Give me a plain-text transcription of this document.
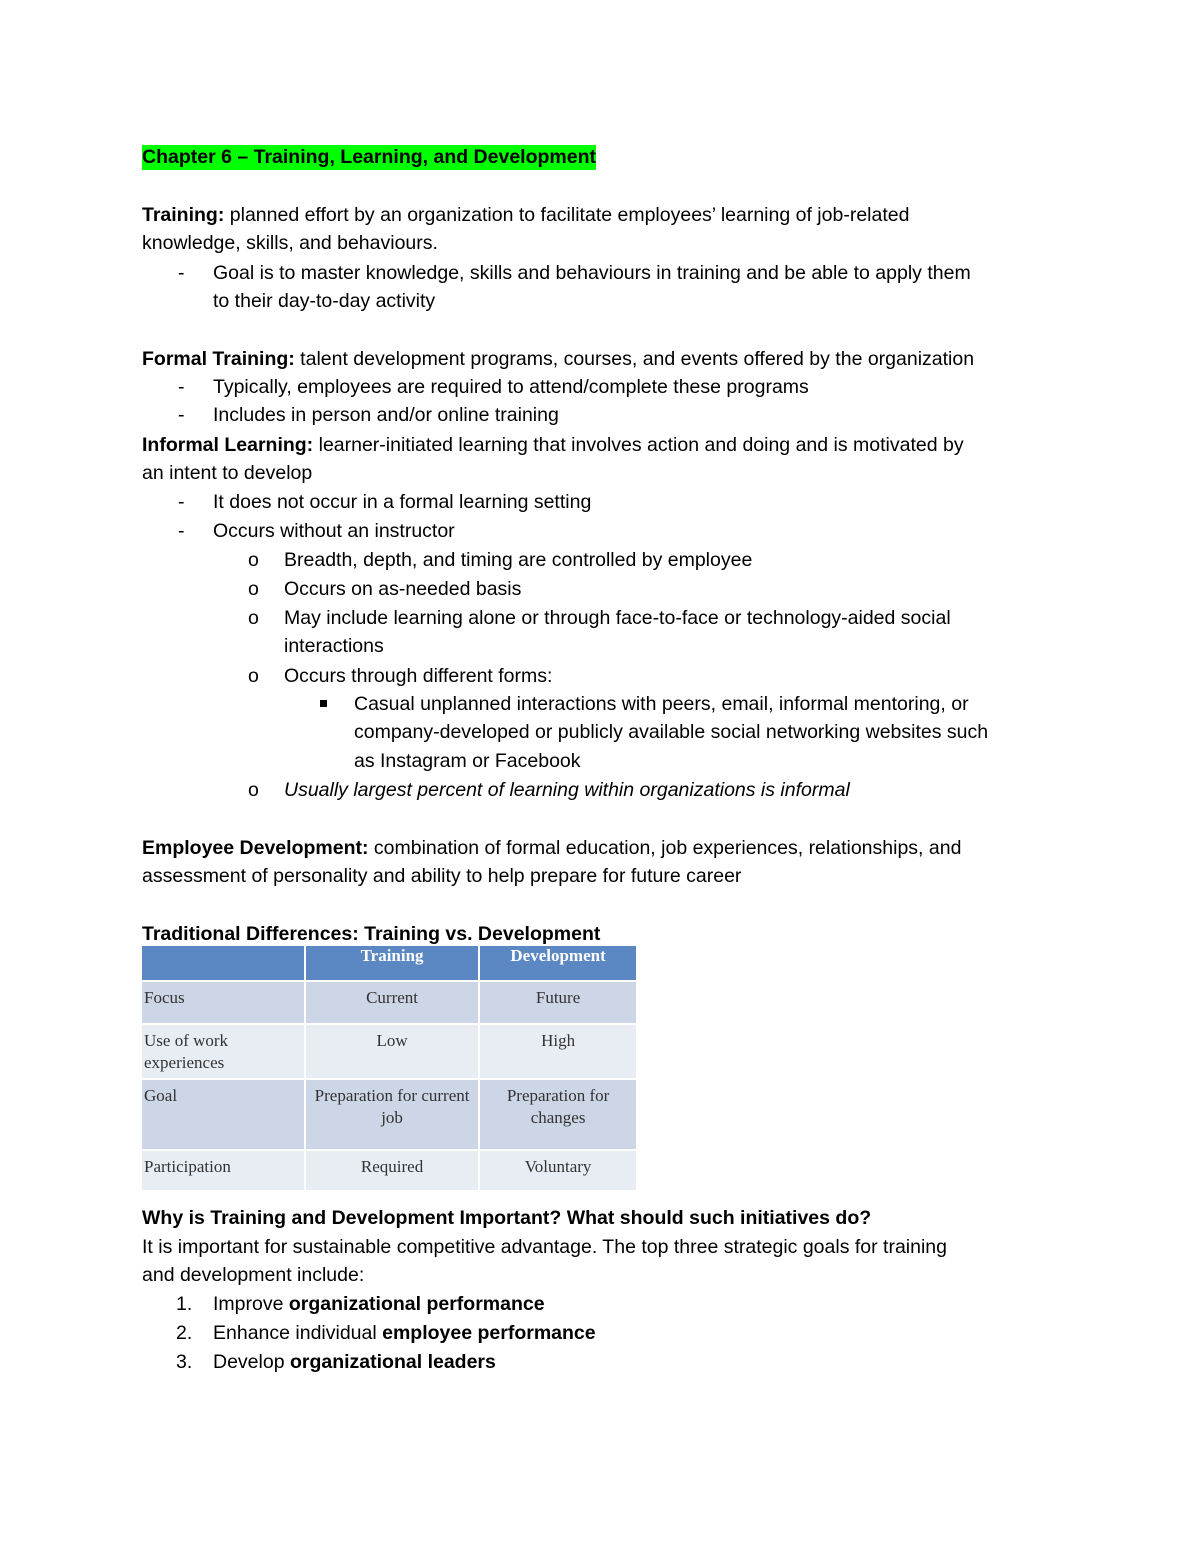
Chapter 6 – Training, Learning, and Development
Training: planned effort by an organization to facilitate employees’ learning of job-related
knowledge, skills, and behaviours.
- Goal is to master knowledge, skills and behaviours in training and be able to apply them
to their day-to-day activity
Formal Training: talent development programs, courses, and events offered by the organization
- Typically, employees are required to attend/complete these programs
- Includes in person and/or online training
Informal Learning: learner-initiated learning that involves action and doing and is motivated by
an intent to develop
- It does not occur in a formal learning setting
- Occurs without an instructor
o Breadth, depth, and timing are controlled by employee
o Occurs on as-needed basis
o May include learning alone or through face-to-face or technology-aided social
interactions
o Occurs through different forms:
Casual unplanned interactions with peers, email, informal mentoring, or
company-developed or publicly available social networking websites such
as Instagram or Facebook
o Usually largest percent of learning within organizations is informal
Employee Development: combination of formal education, job experiences, relationships, and
assessment of personality and ability to help prepare for future career
Traditional Differences: Training vs. Development
	Training	Development
Focus	Current	Future
Use of work experiences	Low	High
Goal	Preparation for current job	Preparation for changes
Participation	Required	Voluntary
Why is Training and Development Important? What should such initiatives do?
It is important for sustainable competitive advantage. The top three strategic goals for training
and development include:
1. Improve organizational performance
2. Enhance individual employee performance
3. Develop organizational leaders
